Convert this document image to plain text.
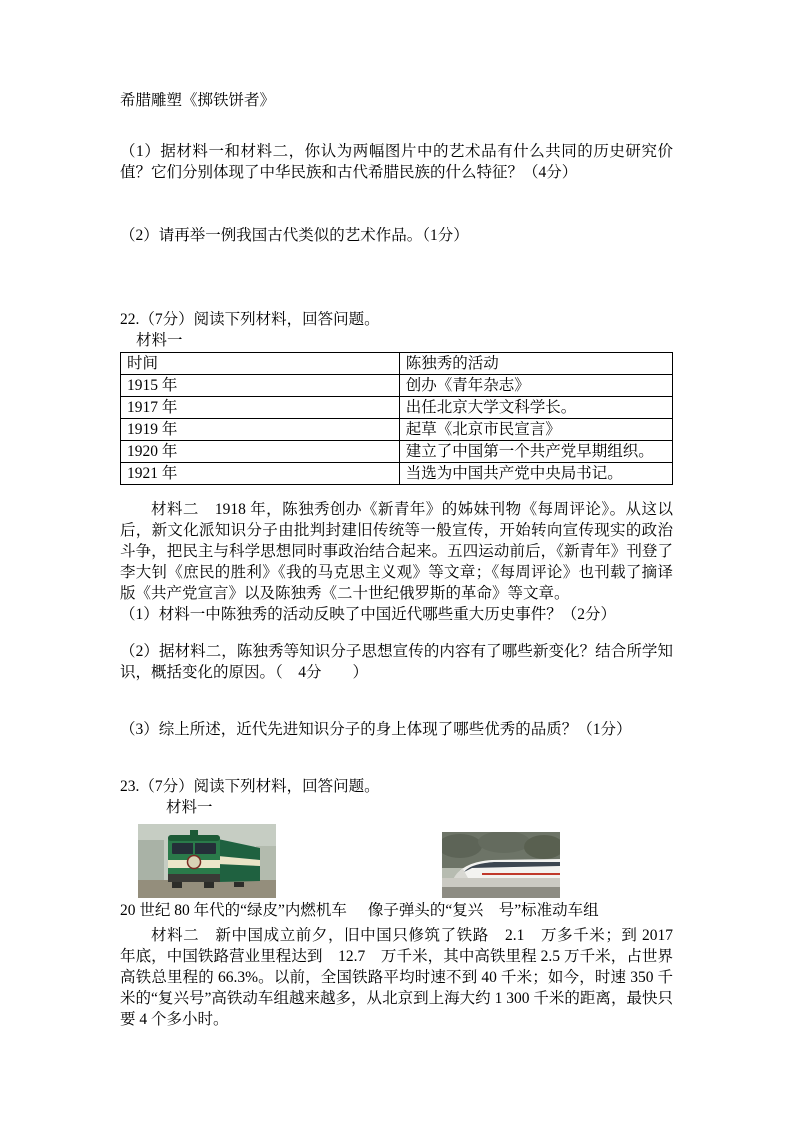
希腊雕塑《掷铁饼者》

（1）据材料一和材料二，你认为两幅图片中的艺术品有什么共同的历史研究价值？它们分别体现了中华民族和古代希腊民族的什么特征？（4分）

（2）请再举一例我国古代类似的艺术作品。（1分）

22.（7分）阅读下列材料，回答问题。

材料一

时间	陈独秀的活动
1915 年	创办《青年杂志》
1917 年	出任北京大学文科学长。
1919 年	起草《北京市民宣言》
1920 年	建立了中国第一个共产党早期组织。
1921 年	当选为中国共产党中央局书记。

材料二　1918 年，陈独秀创办《新青年》的姊妹刊物《每周评论》。从这以后，新文化派知识分子由批判封建旧传统等一般宣传，开始转向宣传现实的政治斗争，把民主与科学思想同时事政治结合起来。五四运动前后，《新青年》刊登了李大钊《庶民的胜利》《我的马克思主义观》等文章；《每周评论》也刊载了摘译版《共产党宣言》以及陈独秀《二十世纪俄罗斯的革命》等文章。

（1）材料一中陈独秀的活动反映了中国近代哪些重大历史事件？（2分）

（2）据材料二，陈独秀等知识分子思想宣传的内容有了哪些新变化？结合所学知识，概括变化的原因。（　4分　　）

（3）综上所述，近代先进知识分子的身上体现了哪些优秀的品质？（1分）

23.（7分）阅读下列材料，回答问题。

材料一

20 世纪 80 年代的“绿皮”内燃机车 像子弹头的“复兴　号”标准动车组

材料二　新中国成立前夕，旧中国只修筑了铁路　2.1　万多千米；到 2017 年底，中国铁路营业里程达到　12.7　万千米，其中高铁里程 2.5 万千米，占世界高铁总里程的 66.3%。以前，全国铁路平均时速不到 40 千米；如今，时速 350 千米的“复兴号”高铁动车组越来越多，从北京到上海大约 1 300 千米的距离，最快只要 4 个多小时。
